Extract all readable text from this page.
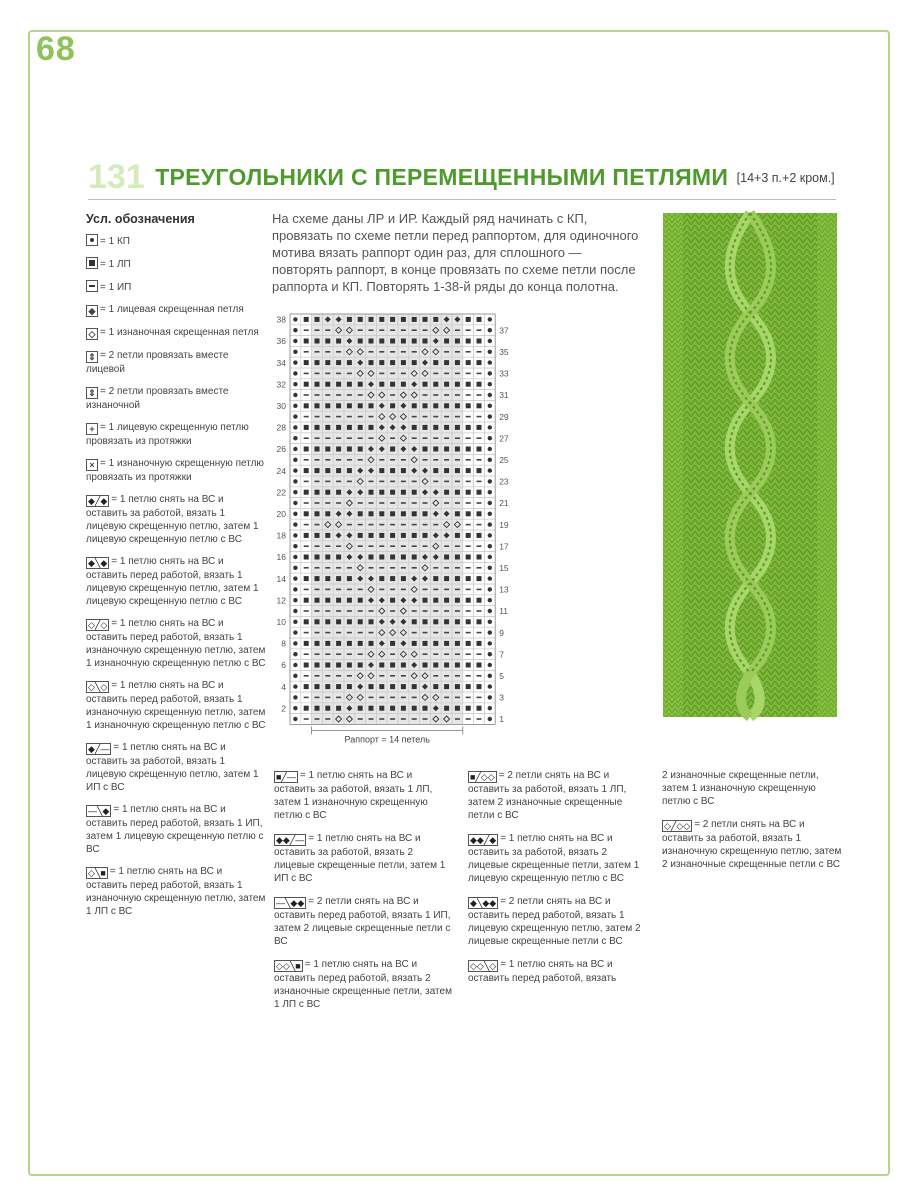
68
131 ТРЕУГОЛЬНИКИ С ПЕРЕМЕЩЕННЫМИ ПЕТЛЯМИ [14+3 п.+2 кром.]
Усл. обозначения
= 1 КП
= 1 ЛП
= 1 ИП
◆ = 1 лицевая скрещенная петля
◇ = 1 изнаночная скрещенная петля
⇕ = 2 петли провязать вместе лицевой
⇕ = 2 петли провязать вместе изнаночной
+ = 1 лицевую скрещенную петлю провязать из протяжки
× = 1 изнаночную скрещенную петлю провязать из протяжки
◆╱◆ = 1 петлю снять на ВС и оставить за работой, вязать 1 лицевую скрещенную петлю, затем 1 лицевую скрещенную петлю с ВС
◆╲◆ = 1 петлю снять на ВС и оставить перед работой, вязать 1 лицевую скрещенную петлю, затем 1 лицевую скрещенную петлю с ВС
◇╱◇ = 1 петлю снять на ВС и оставить перед работой, вязать 1 изнаночную скрещенную петлю, затем 1 изнаночную скрещенную петлю с ВС
◇╲◇ = 1 петлю снять на ВС и оставить перед работой, вязать 1 изнаночную скрещенную петлю, затем 1 изнаночную скрещенную петлю с ВС
◆╱— = 1 петлю снять на ВС и оставить за работой, вязать 1 лицевую скрещенную петлю, затем 1 ИП с ВС
—╲◆ = 1 петлю снять на ВС и оставить перед работой, вязать 1 ИП, затем 1 лицевую скрещенную петлю с ВС
◇╲■ = 1 петлю снять на ВС и оставить перед работой, вязать 1 изнаночную скрещенную петлю, затем 1 ЛП с ВС
На схеме даны ЛР и ИР. Каждый ряд начинать с КП, провязать по схеме петли перед раппортом, для одиночного мотива вязать раппорт один раз, для сплошного — повторять раппорт, в конце провязать по схеме петли после раппорта и КП. Повторять 1-38-й ряды до конца полотна.
38
36
34
32
30
28
26
24
22
20
18
16
14
12
10
8
6
4
2
37
35
33
31
29
27
25
23
21
19
17
15
13
11
9
7
5
3
1
Раппорт = 14 петель
■╱— = 1 петлю снять на ВС и оставить за работой, вязать 1 ЛП, затем 1 изнаночную скрещенную петлю с ВС
◆◆╱— = 1 петлю снять на ВС и оставить за работой, вязать 2 лицевые скрещенные петли, затем 1 ИП с ВС
—╲◆◆ = 2 петли снять на ВС и оставить перед работой, вязать 1 ИП, затем 2 лицевые скрещенные петли с ВС
◇◇╲■ = 1 петлю снять на ВС и оставить перед работой, вязать 2 изнаночные скрещенные петли, затем 1 ЛП с ВС
■╱◇◇ = 2 петли снять на ВС и оставить за работой, вязать 1 ЛП, затем 2 изнаночные скрещенные петли с ВС
◆◆╱◆ = 1 петлю снять на ВС и оставить за работой, вязать 2 лицевые скрещенные петли, затем 1 лицевую скрещенную петлю с ВС
◆╲◆◆ = 2 петли снять на ВС и оставить перед работой, вязать 1 лицевую скрещенную петлю, затем 2 лицевые скрещенные петли с ВС
◇◇╲◇ = 1 петлю снять на ВС и оставить перед работой, вязать
2 изнаночные скрещенные петли, затем 1 изнаночную скрещенную петлю с ВС
◇╱◇◇ = 2 петли снять на ВС и оставить за работой, вязать 1 изнаночную скрещенную петлю, затем 2 изнаночные скрещенные петли с ВС
